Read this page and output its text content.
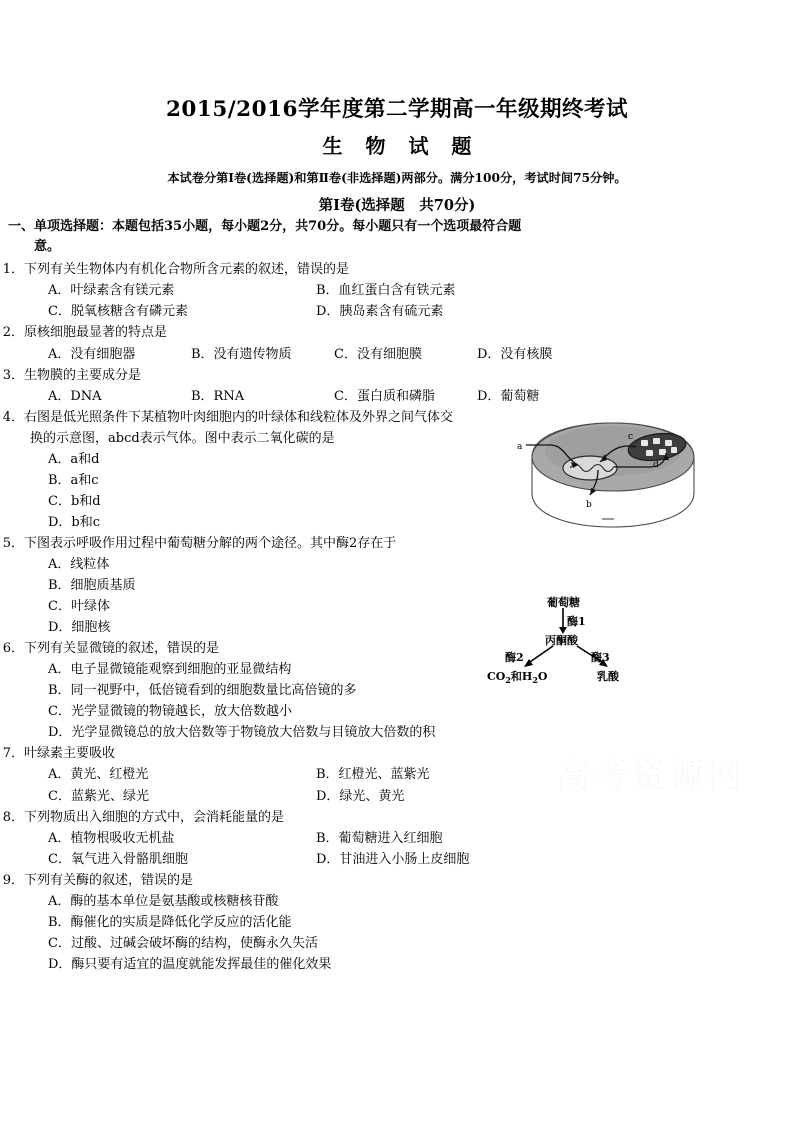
高考资源网
2015/2016学年度第二学期高一年级期终考试
生 物 试 题

本试卷分第Ⅰ卷(选择题)和第Ⅱ卷(非选择题)两部分。满分100分，考试时间75分钟。

第Ⅰ卷(选择题　共70分)

一、单项选择题：本题包括35小题，每小题2分，共70分。每小题只有一个选项最符合题
意。

1．下列有关生物体内有机化合物所含元素的叙述，错误的是
A．叶绿素含有镁元素	B．血红蛋白含有铁元素
C．脱氧核糖含有磷元素	D．胰岛素含有硫元素
2．原核细胞最显著的特点是
A．没有细胞器	B．没有遗传物质	C．没有细胞膜	D．没有核膜
3．生物膜的主要成分是
A．DNA	B．RNA	C．蛋白质和磷脂	D．葡萄糖
4．右图是低光照条件下某植物叶肉细胞内的叶绿体和线粒体及外界之间气体交换的示意图，abcd表示气体。图中表示二氧化碳的是
A．a和d
B．a和c
C．b和d
D．b和c
5．下图表示呼吸作用过程中葡萄糖分解的两个途径。其中酶2存在于
A．线粒体
B．细胞质基质
C．叶绿体
D．细胞核
6．下列有关显微镜的叙述，错误的是
A．电子显微镜能观察到细胞的亚显微结构
B．同一视野中，低倍镜看到的细胞数量比高倍镜的多
C．光学显微镜的物镜越长，放大倍数越小
D．光学显微镜总的放大倍数等于物镜放大倍数与目镜放大倍数的积
7．叶绿素主要吸收
A．黄光、红橙光	B．红橙光、蓝紫光
C．蓝紫光、绿光	D．绿光、黄光
8．下列物质出入细胞的方式中，会消耗能量的是
A．植物根吸收无机盐	B．葡萄糖进入红细胞
C．氧气进入骨骼肌细胞	D．甘油进入小肠上皮细胞
9．下列有关酶的叙述，错误的是
A．酶的基本单位是氨基酸或核糖核苷酸
B．酶催化的实质是降低化学反应的活化能
C．过酸、过碱会破坏酶的结构，使酶永久失活
D．酶只要有适宜的温度就能发挥最佳的催化效果
a
b
c
d
葡萄糖
酶1
丙酮酸
酶2	酶3
$CO_2$和$H_2O$	乳酸
